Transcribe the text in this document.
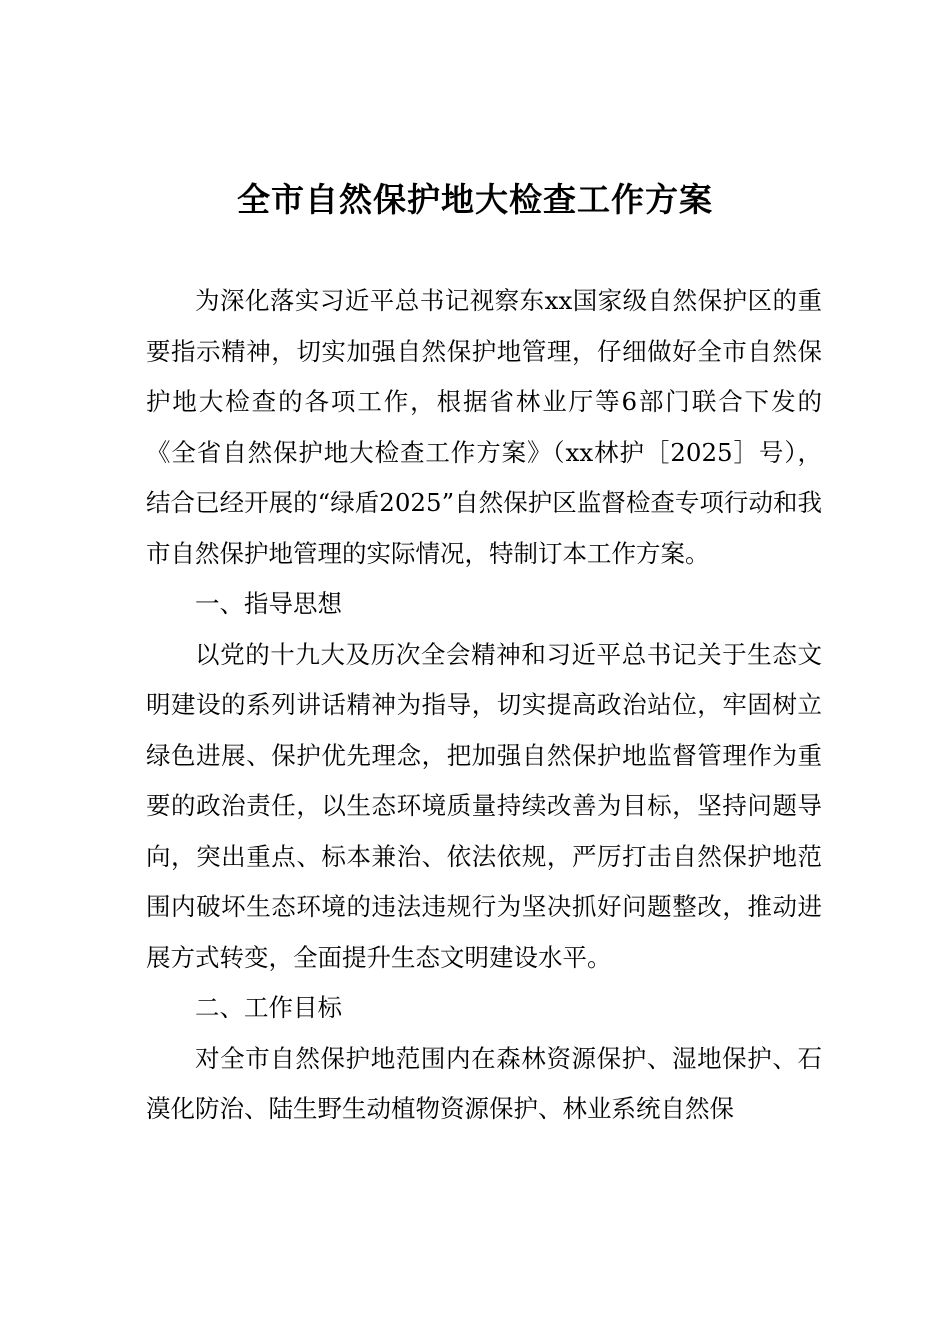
全市自然保护地大检查工作方案

为深化落实习近平总书记视察东xx国家级自然保护区的重要指示精神，切实加强自然保护地管理，仔细做好全市自然保护地大检查的各项工作，根据省林业厅等6部门联合下发的《全省自然保护地大检查工作方案》（xx林护［2025］号），结合已经开展的“绿盾2025”自然保护区监督检查专项行动和我市自然保护地管理的实际情况，特制订本工作方案。

一、指导思想

以党的十九大及历次全会精神和习近平总书记关于生态文明建设的系列讲话精神为指导，切实提高政治站位，牢固树立绿色进展、保护优先理念，把加强自然保护地监督管理作为重要的政治责任，以生态环境质量持续改善为目标，坚持问题导向，突出重点、标本兼治、依法依规，严厉打击自然保护地范围内破坏生态环境的违法违规行为坚决抓好问题整改，推动进展方式转变，全面提升生态文明建设水平。

二、工作目标

对全市自然保护地范围内在森林资源保护、湿地保护、石漠化防治、陆生野生动植物资源保护、林业系统自然保
